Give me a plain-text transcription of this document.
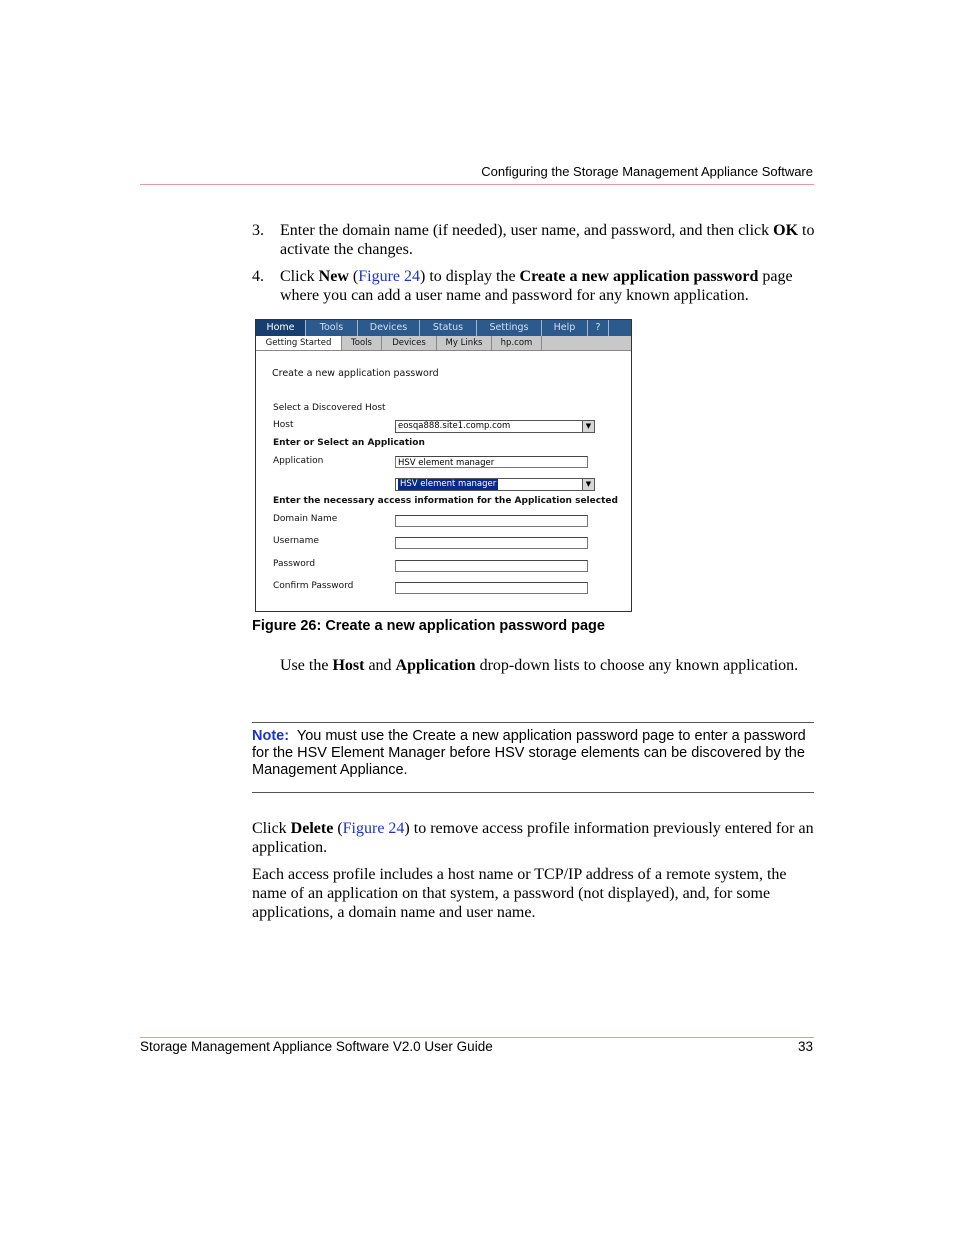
Configuring the Storage Management Appliance Software
3. Enter the domain name (if needed), user name, and password, and then click OK to activate the changes.
4. Click New (Figure 24) to display the Create a new application password page where you can add a user name and password for any known application.
Home	Tools	Devices	Status	Settings	Help	?
Getting Started	Tools	Devices	My Links	hp.com
Create a new application password
Select a Discovered Host
Host	eosqa888.site1.comp.com	▼
Enter or Select an Application
Application	HSV element manager
HSV element manager	▼
Enter the necessary access information for the Application selected
Domain Name
Username
Password
Confirm Password
Figure 26: Create a new application password page
Use the Host and Application drop-down lists to choose any known application.
Note: You must use the Create a new application password page to enter a password for the HSV Element Manager before HSV storage elements can be discovered by the Management Appliance.
Click Delete (Figure 24) to remove access profile information previously entered for an application.
Each access profile includes a host name or TCP/IP address of a remote system, the name of an application on that system, a password (not displayed), and, for some applications, a domain name and user name.
Storage Management Appliance Software V2.0 User Guide	33
